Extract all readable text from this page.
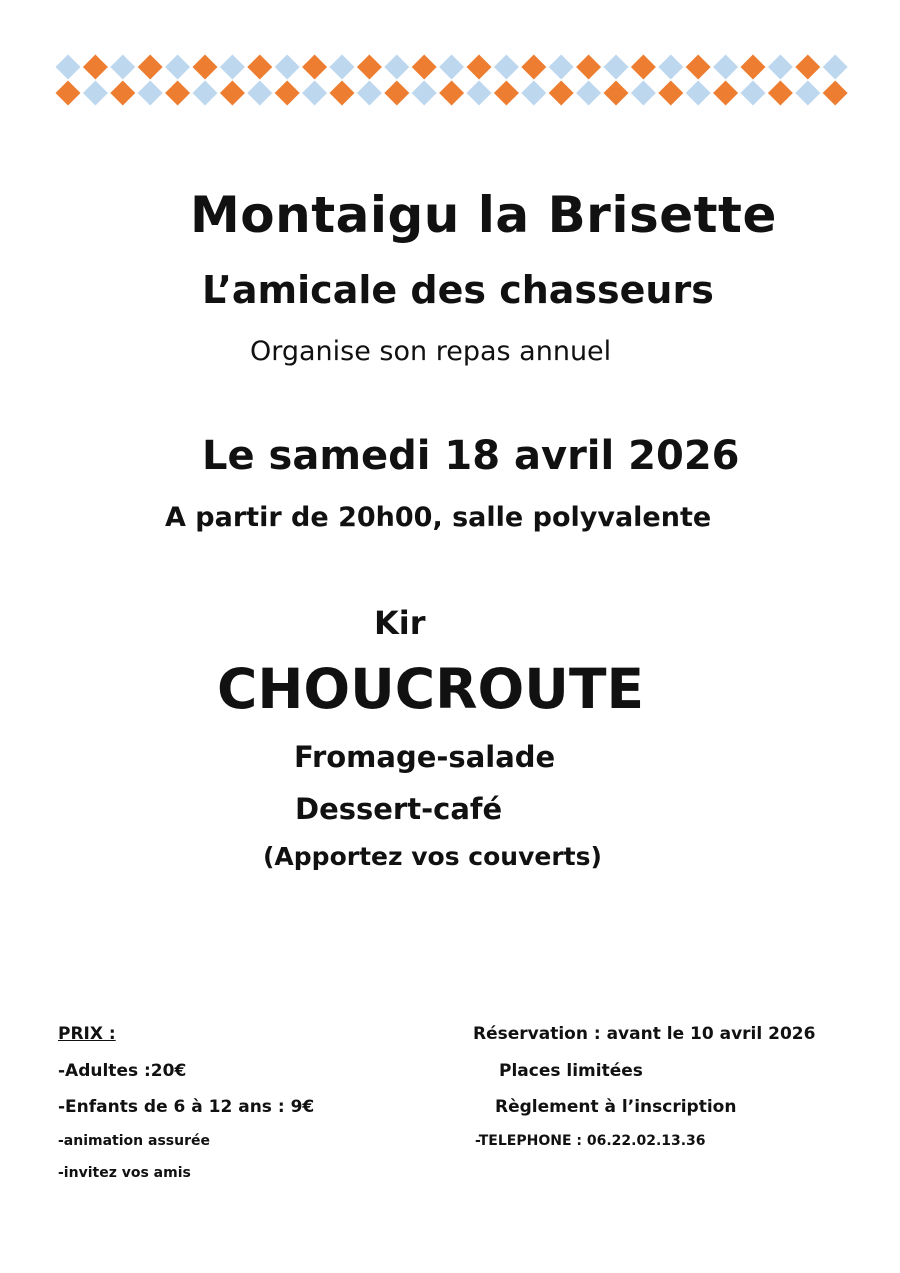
Montaigu la Brisette
L’amicale des chasseurs

Organise son repas annuel

Le samedi 18 avril 2026

A partir de 20h00, salle polyvalente

Kir

CHOUCROUTE

Fromage-salade

Dessert-café

(Apportez vos couverts)

PRIX :

-Adultes :20€

-Enfants de 6 à 12 ans : 9€

-animation assurée

-invitez vos amis

Réservation : avant le 10 avril 2026

Places limitées

Règlement à l’inscription

-TELEPHONE : 06.22.02.13.36
